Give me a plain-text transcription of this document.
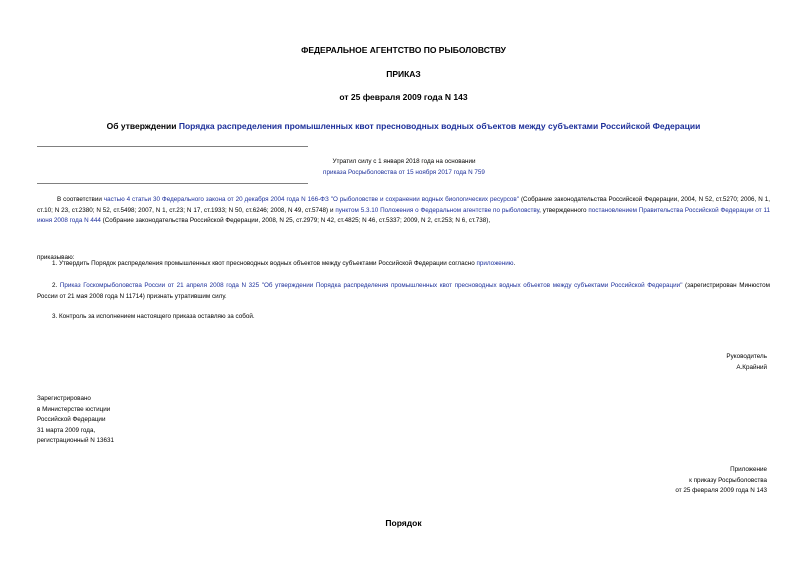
ФЕДЕРАЛЬНОЕ АГЕНТСТВО ПО РЫБОЛОВСТВУ
ПРИКАЗ
от 25 февраля 2009 года N 143
Об утверждении Порядка распределения промышленных квот пресноводных водных объектов между субъектами Российской Федерации
Утратил силу с 1 января 2018 года на основании
приказа Росрыболовства от 15 ноября 2017 года N 759
В соответствии частью 4 статьи 30 Федерального закона от 20 декабря 2004 года N 166-ФЗ "О рыболовстве и сохранении водных биологических ресурсов" (Собрание законодательства Российской Федерации, 2004, N 52, ст.5270; 2006, N 1, ст.10; N 23, ст.2380; N 52, ст.5498; 2007, N 1, ст.23; N 17, ст.1933; N 50, ст.6246; 2008, N 49, ст.5748) и пунктом 5.3.10 Положения о Федеральном агентстве по рыболовству, утвержденного постановлением Правительства Российской Федерации от 11 июня 2008 года N 444 (Собрание законодательства Российской Федерации, 2008, N 25, ст.2979; N 42, ст.4825; N 46, ст.5337; 2009, N 2, ст.253; N 6, ст.738),
приказываю:
1. Утвердить Порядок распределения промышленных квот пресноводных водных объектов между субъектами Российской Федерации согласно приложению.
2. Приказ Госкомрыболовства России от 21 апреля 2008 года N 325 "Об утверждении Порядка распределения промышленных квот пресноводных водных объектов между субъектами Российской Федерации" (зарегистрирован Минюстом России от 21 мая 2008 года N 11714) признать утратившим силу.
3. Контроль за исполнением настоящего приказа оставляю за собой.
Руководитель
А.Крайний
Зарегистрировано
в Министерстве юстиции
Российской Федерации
31 марта 2009 года,
регистрационный N 13631
Приложение
к приказу Росрыболовства
от 25 февраля 2009 года N 143
Порядок
